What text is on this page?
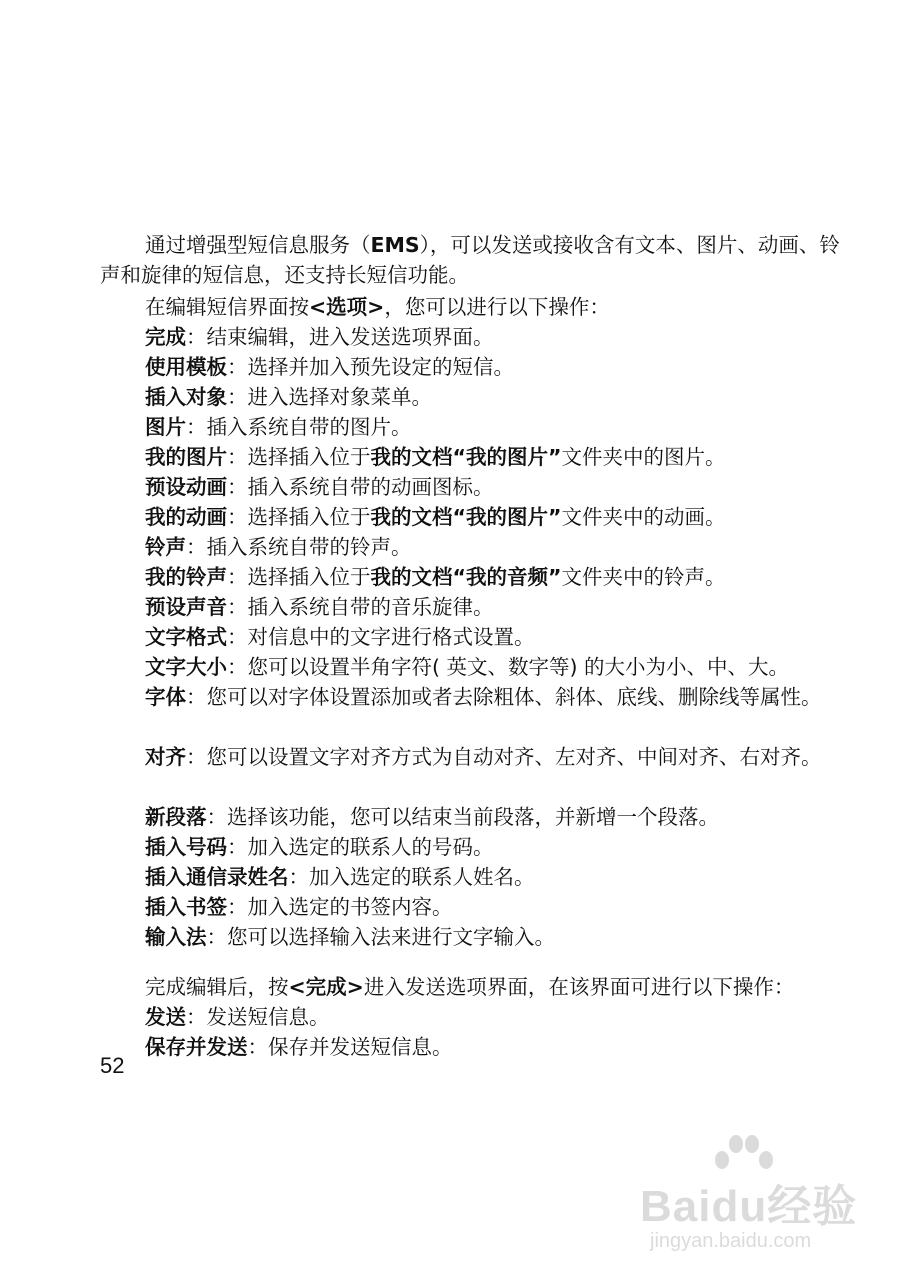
通过增强型短信息服务（EMS），可以发送或接收含有文本、图片、动画、铃声和旋律的短信息，还支持长短信功能。
在编辑短信界面按<选项>，您可以进行以下操作：
完成：结束编辑，进入发送选项界面。
使用模板：选择并加入预先设定的短信。
插入对象：进入选择对象菜单。
图片：插入系统自带的图片。
我的图片：选择插入位于我的文档“我的图片”文件夹中的图片。
预设动画：插入系统自带的动画图标。
我的动画：选择插入位于我的文档“我的图片”文件夹中的动画。
铃声：插入系统自带的铃声。
我的铃声：选择插入位于我的文档“我的音频”文件夹中的铃声。
预设声音：插入系统自带的音乐旋律。
文字格式：对信息中的文字进行格式设置。
文字大小：您可以设置半角字符( 英文、数字等) 的大小为小、中、大。
字体：您可以对字体设置添加或者去除粗体、斜体、底线、删除线等属性。
对齐：您可以设置文字对齐方式为自动对齐、左对齐、中间对齐、右对齐。
新段落：选择该功能，您可以结束当前段落，并新增一个段落。
插入号码：加入选定的联系人的号码。
插入通信录姓名：加入选定的联系人姓名。
插入书签：加入选定的书签内容。
输入法：您可以选择输入法来进行文字输入。
完成编辑后，按<完成>进入发送选项界面，在该界面可进行以下操作：
发送：发送短信息。
保存并发送：保存并发送短信息。
52
Baidu经验
jingyan.baidu.com
